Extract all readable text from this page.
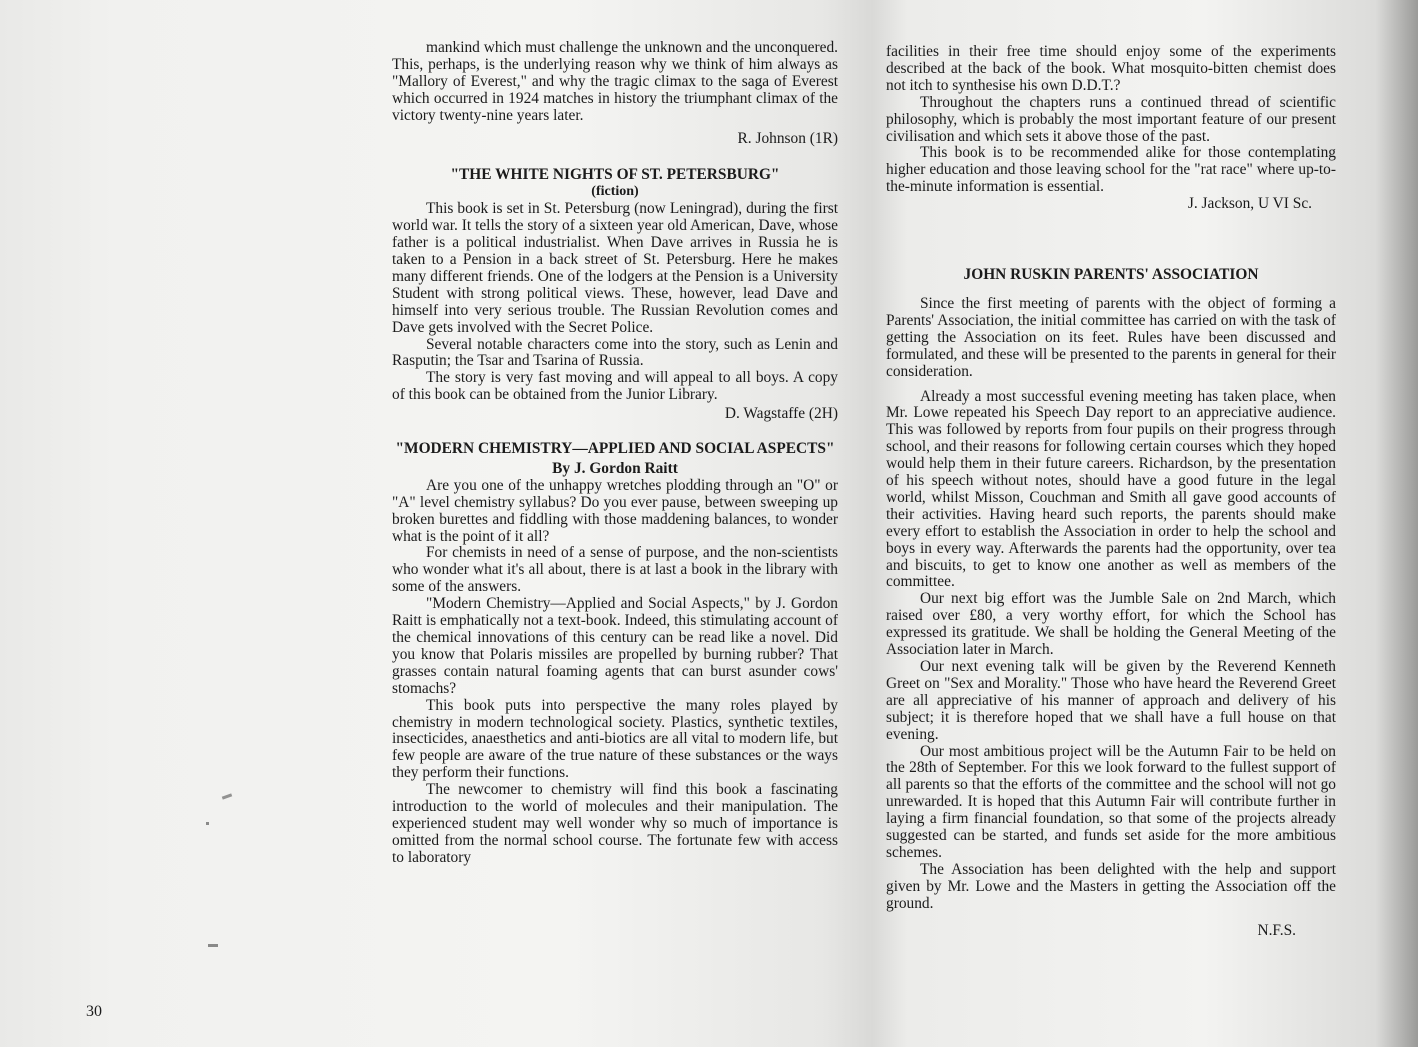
mankind which must challenge the unknown and the unconquered. This, perhaps, is the underlying reason why we think of him always as "Mallory of Everest," and why the tragic climax to the saga of Everest which occurred in 1924 matches in history the triumphant climax of the victory twenty-nine years later.

R. Johnson (1R)

"THE WHITE NIGHTS OF ST. PETERSBURG"
(fiction)

This book is set in St. Petersburg (now Leningrad), during the first world war. It tells the story of a sixteen year old American, Dave, whose father is a political industrialist. When Dave arrives in Russia he is taken to a Pension in a back street of St. Petersburg. Here he makes many different friends. One of the lodgers at the Pension is a University Student with strong political views. These, however, lead Dave and himself into very serious trouble. The Russian Revolution comes and Dave gets involved with the Secret Police.

Several notable characters come into the story, such as Lenin and Rasputin; the Tsar and Tsarina of Russia.

The story is very fast moving and will appeal to all boys. A copy of this book can be obtained from the Junior Library.

D. Wagstaffe (2H)

"MODERN CHEMISTRY—APPLIED AND SOCIAL ASPECTS"
By J. Gordon Raitt

Are you one of the unhappy wretches plodding through an "O" or "A" level chemistry syllabus? Do you ever pause, between sweeping up broken burettes and fiddling with those maddening balances, to wonder what is the point of it all?

For chemists in need of a sense of purpose, and the non-scientists who wonder what it's all about, there is at last a book in the library with some of the answers.

"Modern Chemistry—Applied and Social Aspects," by J. Gordon Raitt is emphatically not a text-book. Indeed, this stimulating account of the chemical innovations of this century can be read like a novel. Did you know that Polaris missiles are propelled by burning rubber? That grasses contain natural foaming agents that can burst asunder cows' stomachs?

This book puts into perspective the many roles played by chemistry in modern technological society. Plastics, synthetic textiles, insecticides, anaesthetics and anti-biotics are all vital to modern life, but few people are aware of the true nature of these substances or the ways they perform their functions.

The newcomer to chemistry will find this book a fascinating introduction to the world of molecules and their manipulation. The experienced student may well wonder why so much of importance is omitted from the normal school course. The fortunate few with access to laboratory

facilities in their free time should enjoy some of the experiments described at the back of the book. What mosquito-bitten chemist does not itch to synthesise his own D.D.T.?

Throughout the chapters runs a continued thread of scientific philosophy, which is probably the most important feature of our present civilisation and which sets it above those of the past.

This book is to be recommended alike for those contemplating higher education and those leaving school for the "rat race" where up-to-the-minute information is essential.

J. Jackson, U VI Sc.

JOHN RUSKIN PARENTS' ASSOCIATION

Since the first meeting of parents with the object of forming a Parents' Association, the initial committee has carried on with the task of getting the Association on its feet. Rules have been discussed and formulated, and these will be presented to the parents in general for their consideration.

Already a most successful evening meeting has taken place, when Mr. Lowe repeated his Speech Day report to an appreciative audience. This was followed by reports from four pupils on their progress through school, and their reasons for following certain courses which they hoped would help them in their future careers. Richardson, by the presentation of his speech without notes, should have a good future in the legal world, whilst Misson, Couchman and Smith all gave good accounts of their activities. Having heard such reports, the parents should make every effort to establish the Association in order to help the school and boys in every way. Afterwards the parents had the opportunity, over tea and biscuits, to get to know one another as well as members of the committee.

Our next big effort was the Jumble Sale on 2nd March, which raised over £80, a very worthy effort, for which the School has expressed its gratitude. We shall be holding the General Meeting of the Association later in March.

Our next evening talk will be given by the Reverend Kenneth Greet on "Sex and Morality." Those who have heard the Reverend Greet are all appreciative of his manner of approach and delivery of his subject; it is therefore hoped that we shall have a full house on that evening.

Our most ambitious project will be the Autumn Fair to be held on the 28th of September. For this we look forward to the fullest support of all parents so that the efforts of the committee and the school will not go unrewarded. It is hoped that this Autumn Fair will contribute further in laying a firm financial foundation, so that some of the projects already suggested can be started, and funds set aside for the more ambitious schemes.

The Association has been delighted with the help and support given by Mr. Lowe and the Masters in getting the Association off the ground.

N.F.S.

30
